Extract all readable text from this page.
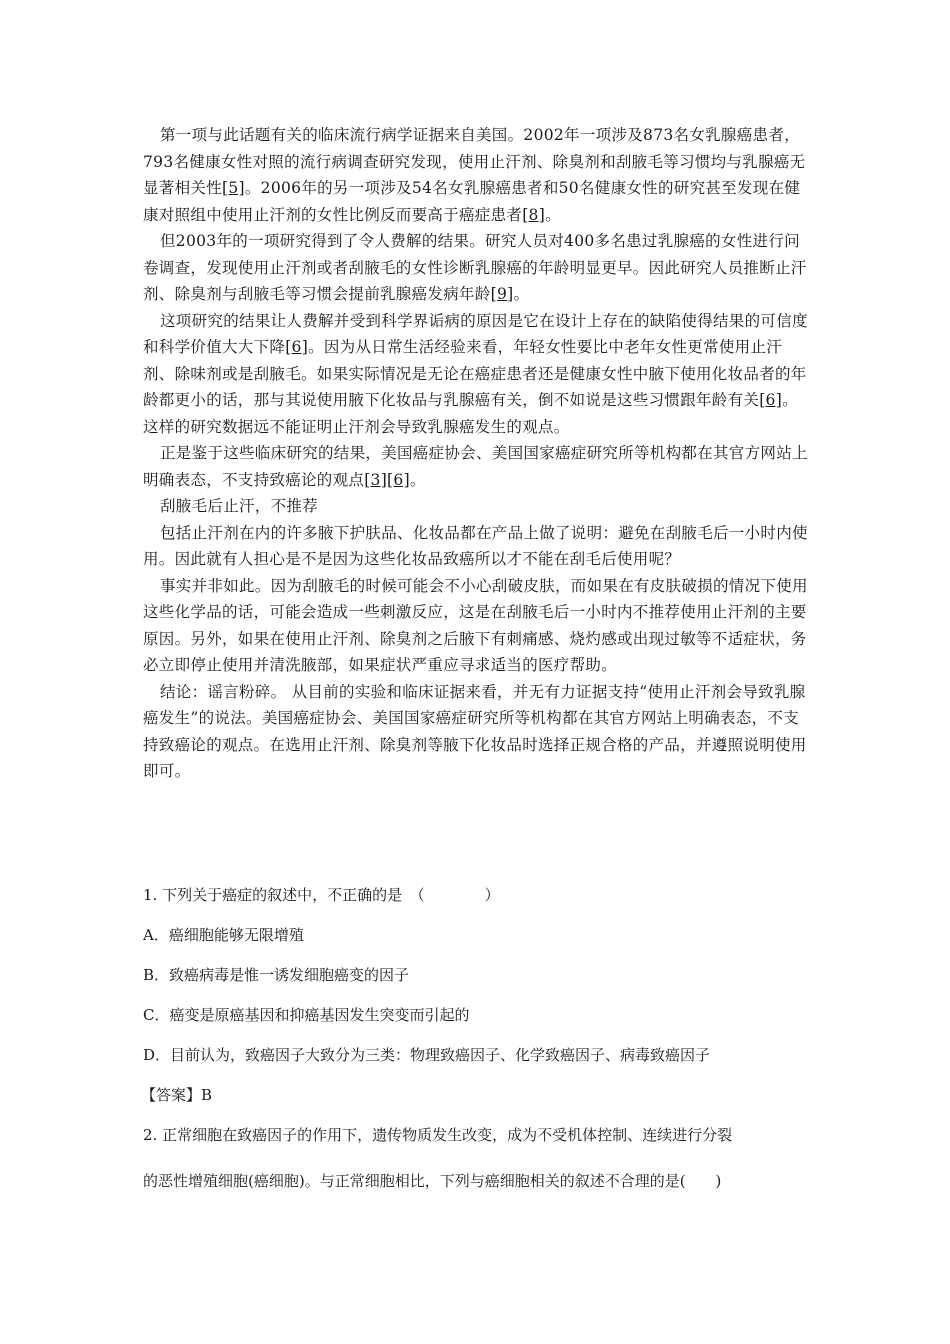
第一项与此话题有关的临床流行病学证据来自美国。2002年一项涉及873名女乳腺癌患者，793名健康女性对照的流行病调查研究发现，使用止汗剂、除臭剂和刮腋毛等习惯均与乳腺癌无显著相关性[5]。2006年的另一项涉及54名女乳腺癌患者和50名健康女性的研究甚至发现在健康对照组中使用止汗剂的女性比例反而要高于癌症患者[8]。

但2003年的一项研究得到了令人费解的结果。研究人员对400多名患过乳腺癌的女性进行问卷调查，发现使用止汗剂或者刮腋毛的女性诊断乳腺癌的年龄明显更早。因此研究人员推断止汗剂、除臭剂与刮腋毛等习惯会提前乳腺癌发病年龄[9]。

这项研究的结果让人费解并受到科学界诟病的原因是它在设计上存在的缺陷使得结果的可信度和科学价值大大下降[6]。因为从日常生活经验来看，年轻女性要比中老年女性更常使用止汗剂、除味剂或是刮腋毛。如果实际情况是无论在癌症患者还是健康女性中腋下使用化妆品者的年龄都更小的话，那与其说使用腋下化妆品与乳腺癌有关，倒不如说是这些习惯跟年龄有关[6]。这样的研究数据远不能证明止汗剂会导致乳腺癌发生的观点。

正是鉴于这些临床研究的结果，美国癌症协会、美国国家癌症研究所等机构都在其官方网站上明确表态，不支持致癌论的观点[3][6]。

刮腋毛后止汗，不推荐

包括止汗剂在内的许多腋下护肤品、化妆品都在产品上做了说明：避免在刮腋毛后一小时内使用。因此就有人担心是不是因为这些化妆品致癌所以才不能在刮毛后使用呢？

事实并非如此。因为刮腋毛的时候可能会不小心刮破皮肤，而如果在有皮肤破损的情况下使用这些化学品的话，可能会造成一些刺激反应，这是在刮腋毛后一小时内不推荐使用止汗剂的主要原因。另外，如果在使用止汗剂、除臭剂之后腋下有刺痛感、烧灼感或出现过敏等不适症状，务必立即停止使用并清洗腋部，如果症状严重应寻求适当的医疗帮助。

结论：谣言粉碎。 从目前的实验和临床证据来看，并无有力证据支持“使用止汗剂会导致乳腺癌发生”的说法。美国癌症协会、美国国家癌症研究所等机构都在其官方网站上明确表态，不支持致癌论的观点。在选用止汗剂、除臭剂等腋下化妆品时选择正规合格的产品，并遵照说明使用即可。

1. 下列关于癌症的叙述中，不正确的是　（　　　　）

A．癌细胞能够无限增殖

B．致癌病毒是惟一诱发细胞癌变的因子

C．癌变是原癌基因和抑癌基因发生突变而引起的

D．目前认为，致癌因子大致分为三类：物理致癌因子、化学致癌因子、病毒致癌因子

【答案】B

2. 正常细胞在致癌因子的作用下，遗传物质发生改变，成为不受机体控制、连续进行分裂

的恶性增殖细胞(癌细胞)。与正常细胞相比，下列与癌细胞相关的叙述不合理的是(　　)
